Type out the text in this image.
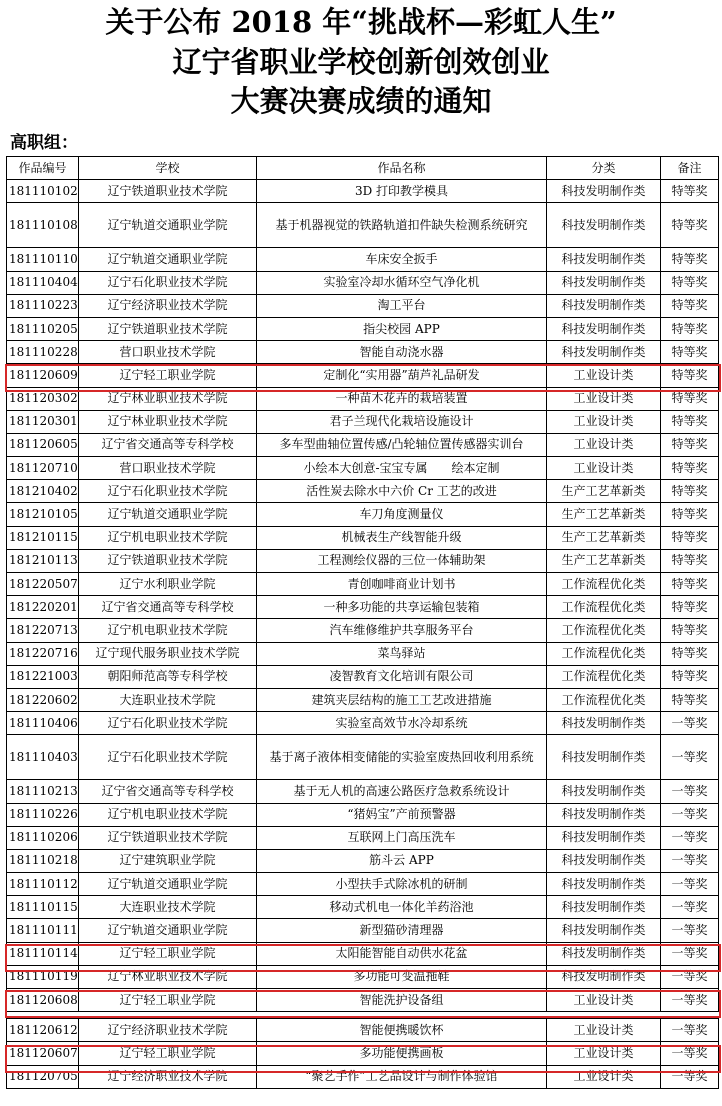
关于公布 2018 年“挑战杯—彩虹人生”
辽宁省职业学校创新创效创业
大赛决赛成绩的通知
高职组：
作品编号	学校	作品名称	分类	备注
181110102	辽宁铁道职业技术学院	3D 打印教学模具	科技发明制作类	特等奖
181110108	辽宁轨道交通职业学院	基于机器视觉的铁路轨道扣件缺失检测系统研究	科技发明制作类	特等奖
181110110	辽宁轨道交通职业学院	车床安全扳手	科技发明制作类	特等奖
181110404	辽宁石化职业技术学院	实验室冷却水循环空气净化机	科技发明制作类	特等奖
181110223	辽宁经济职业技术学院	淘工平台	科技发明制作类	特等奖
181110205	辽宁铁道职业技术学院	指尖校园 APP	科技发明制作类	特等奖
181110228	营口职业技术学院	智能自动浇水器	科技发明制作类	特等奖
181120609	辽宁轻工职业学院	定制化“实用器”葫芦礼品研发	工业设计类	特等奖
181120302	辽宁林业职业技术学院	一种苗木花卉的栽培装置	工业设计类	特等奖
181120301	辽宁林业职业技术学院	君子兰现代化栽培设施设计	工业设计类	特等奖
181120605	辽宁省交通高等专科学校	多车型曲轴位置传感/凸轮轴位置传感器实训台	工业设计类	特等奖
181120710	营口职业技术学院	小绘本大创意-宝宝专属　　绘本定制	工业设计类	特等奖
181210402	辽宁石化职业技术学院	活性炭去除水中六价 Cr 工艺的改进	生产工艺革新类	特等奖
181210105	辽宁轨道交通职业学院	车刀角度测量仪	生产工艺革新类	特等奖
181210115	辽宁机电职业技术学院	机械表生产线智能升级	生产工艺革新类	特等奖
181210113	辽宁铁道职业技术学院	工程测绘仪器的三位一体辅助架	生产工艺革新类	特等奖
181220507	辽宁水利职业学院	青创咖啡商业计划书	工作流程优化类	特等奖
181220201	辽宁省交通高等专科学校	一种多功能的共享运输包装箱	工作流程优化类	特等奖
181220713	辽宁机电职业技术学院	汽车维修维护共享服务平台	工作流程优化类	特等奖
181220716	辽宁现代服务职业技术学院	菜鸟驿站	工作流程优化类	特等奖
181221003	朝阳师范高等专科学校	凌智教育文化培训有限公司	工作流程优化类	特等奖
181220602	大连职业技术学院	建筑夹层结构的施工工艺改进措施	工作流程优化类	特等奖
181110406	辽宁石化职业技术学院	实验室高效节水冷却系统	科技发明制作类	一等奖
181110403	辽宁石化职业技术学院	基于离子液体相变储能的实验室废热回收利用系统	科技发明制作类	一等奖
181110213	辽宁省交通高等专科学校	基于无人机的高速公路医疗急救系统设计	科技发明制作类	一等奖
181110226	辽宁机电职业技术学院	“猪妈宝”产前预警器	科技发明制作类	一等奖
181110206	辽宁铁道职业技术学院	互联网上门高压洗车	科技发明制作类	一等奖
181110218	辽宁建筑职业学院	筋斗云 APP	科技发明制作类	一等奖
181110112	辽宁轨道交通职业学院	小型扶手式除冰机的研制	科技发明制作类	一等奖
181110115	大连职业技术学院	移动式机电一体化羊药浴池	科技发明制作类	一等奖
181110111	辽宁轨道交通职业学院	新型猫砂清理器	科技发明制作类	一等奖
181110114	辽宁轻工职业学院	太阳能智能自动供水花盆	科技发明制作类	一等奖
181110119	辽宁林业职业技术学院	多功能可变温拖鞋	科技发明制作类	一等奖
181120608	辽宁轻工职业学院	智能洗护设备组	工业设计类	一等奖

181120612	辽宁经济职业技术学院	智能便携暖饮杯	工业设计类	一等奖
181120607	辽宁轻工职业学院	多功能便携画板	工业设计类	一等奖
181120705	辽宁经济职业技术学院	“聚艺手作”工艺品设计与制作体验馆	工业设计类	一等奖
